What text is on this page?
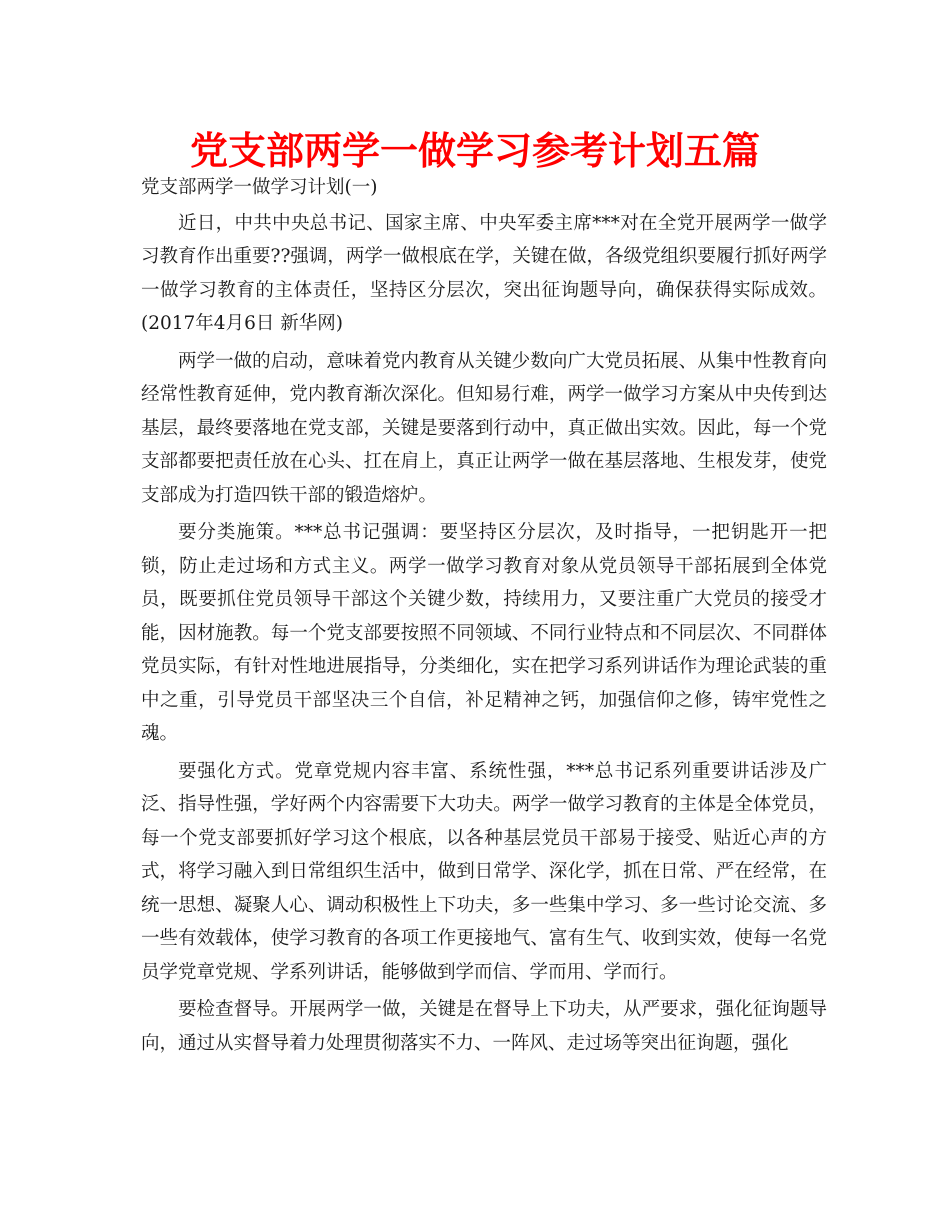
党支部两学一做学习参考计划五篇
党支部两学一做学习计划(一)

近日，中共中央总书记、国家主席、中央军委主席***对在全党开展两学一做学习教育作出重要??强调，两学一做根底在学，关键在做，各级党组织要履行抓好两学一做学习教育的主体责任，坚持区分层次，突出征询题导向，确保获得实际成效。(2017年4月6日 新华网)

两学一做的启动，意味着党内教育从关键少数向广大党员拓展、从集中性教育向经常性教育延伸，党内教育渐次深化。但知易行难，两学一做学习方案从中央传到达基层，最终要落地在党支部，关键是要落到行动中，真正做出实效。因此，每一个党支部都要把责任放在心头、扛在肩上，真正让两学一做在基层落地、生根发芽，使党支部成为打造四铁干部的锻造熔炉。

要分类施策。***总书记强调：要坚持区分层次，及时指导，一把钥匙开一把锁，防止走过场和方式主义。两学一做学习教育对象从党员领导干部拓展到全体党员，既要抓住党员领导干部这个关键少数，持续用力，又要注重广大党员的接受才能，因材施教。每一个党支部要按照不同领域、不同行业特点和不同层次、不同群体党员实际，有针对性地进展指导，分类细化，实在把学习系列讲话作为理论武装的重中之重，引导党员干部坚决三个自信，补足精神之钙，加强信仰之修，铸牢党性之魂。

要强化方式。党章党规内容丰富、系统性强，***总书记系列重要讲话涉及广泛、指导性强，学好两个内容需要下大功夫。两学一做学习教育的主体是全体党员，每一个党支部要抓好学习这个根底，以各种基层党员干部易于接受、贴近心声的方式，将学习融入到日常组织生活中，做到日常学、深化学，抓在日常、严在经常，在统一思想、凝聚人心、调动积极性上下功夫，多一些集中学习、多一些讨论交流、多一些有效载体，使学习教育的各项工作更接地气、富有生气、收到实效，使每一名党员学党章党规、学系列讲话，能够做到学而信、学而用、学而行。

要检查督导。开展两学一做，关键是在督导上下功夫，从严要求，强化征询题导向，通过从实督导着力处理贯彻落实不力、一阵风、走过场等突出征询题，强化
